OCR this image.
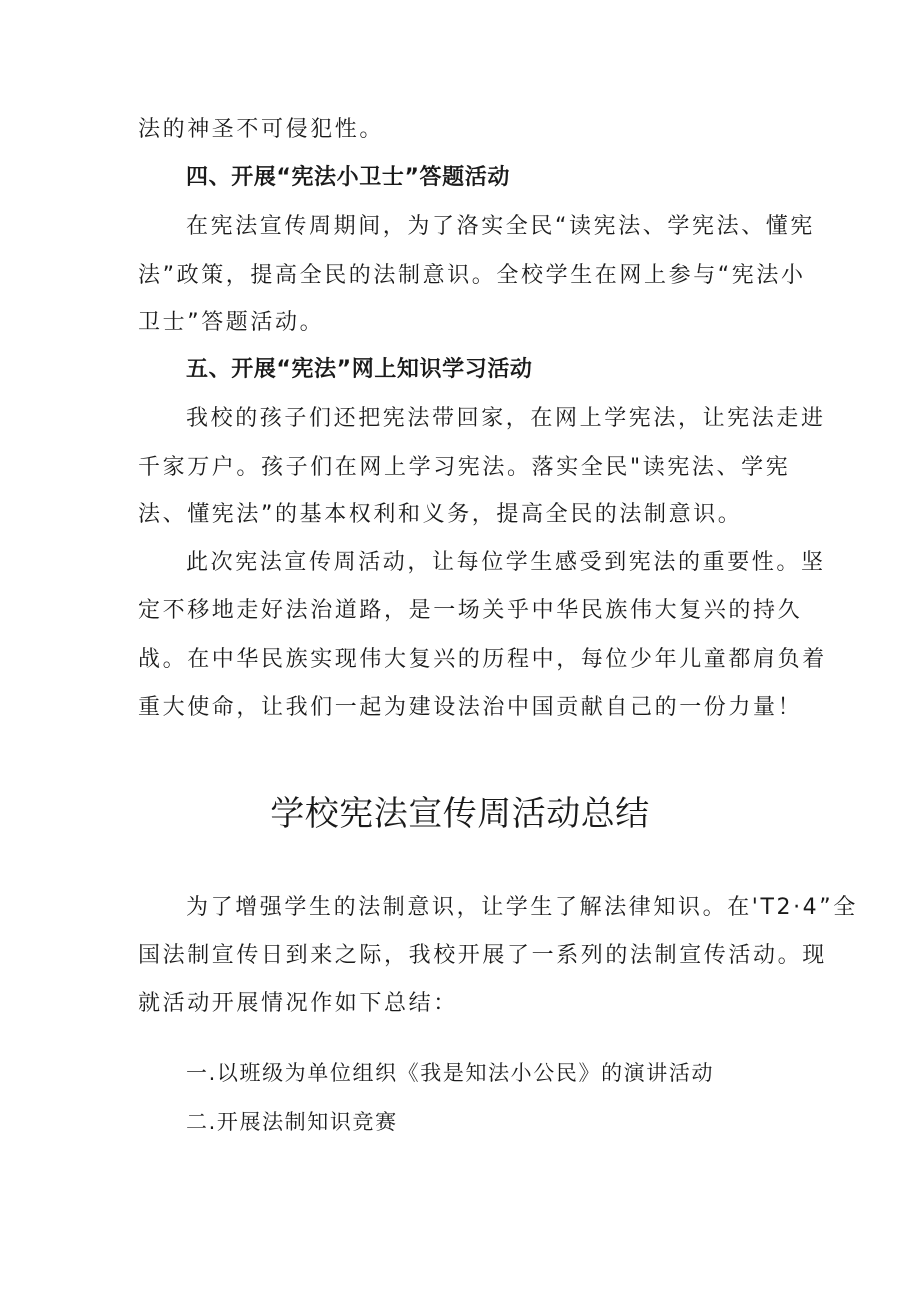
法的神圣不可侵犯性。
四、开展“宪法小卫士”答题活动
在宪法宣传周期间，为了洛实全民“读宪法、学宪法、懂宪
法”政策，提高全民的法制意识。全校学生在网上参与“宪法小
卫士”答题活动。
五、开展“宪法”网上知识学习活动
我校的孩子们还把宪法带回家，在网上学宪法，让宪法走进
千家万户。孩子们在网上学习宪法。落实全民"读宪法、学宪
法、懂宪法”的基本权利和义务，提高全民的法制意识。
此次宪法宣传周活动，让每位学生感受到宪法的重要性。坚
定不移地走好法治道路，是一场关乎中华民族伟大复兴的持久
战。在中华民族实现伟大复兴的历程中，每位少年儿童都肩负着
重大使命，让我们一起为建设法治中国贡献自己的一份力量！
学校宪法宣传周活动总结
为了增强学生的法制意识，让学生了解法律知识。在'T2·4”全
国法制宣传日到来之际，我校开展了一系列的法制宣传活动。现
就活动开展情况作如下总结：
一.以班级为单位组织《我是知法小公民》的演讲活动
二.开展法制知识竞赛
